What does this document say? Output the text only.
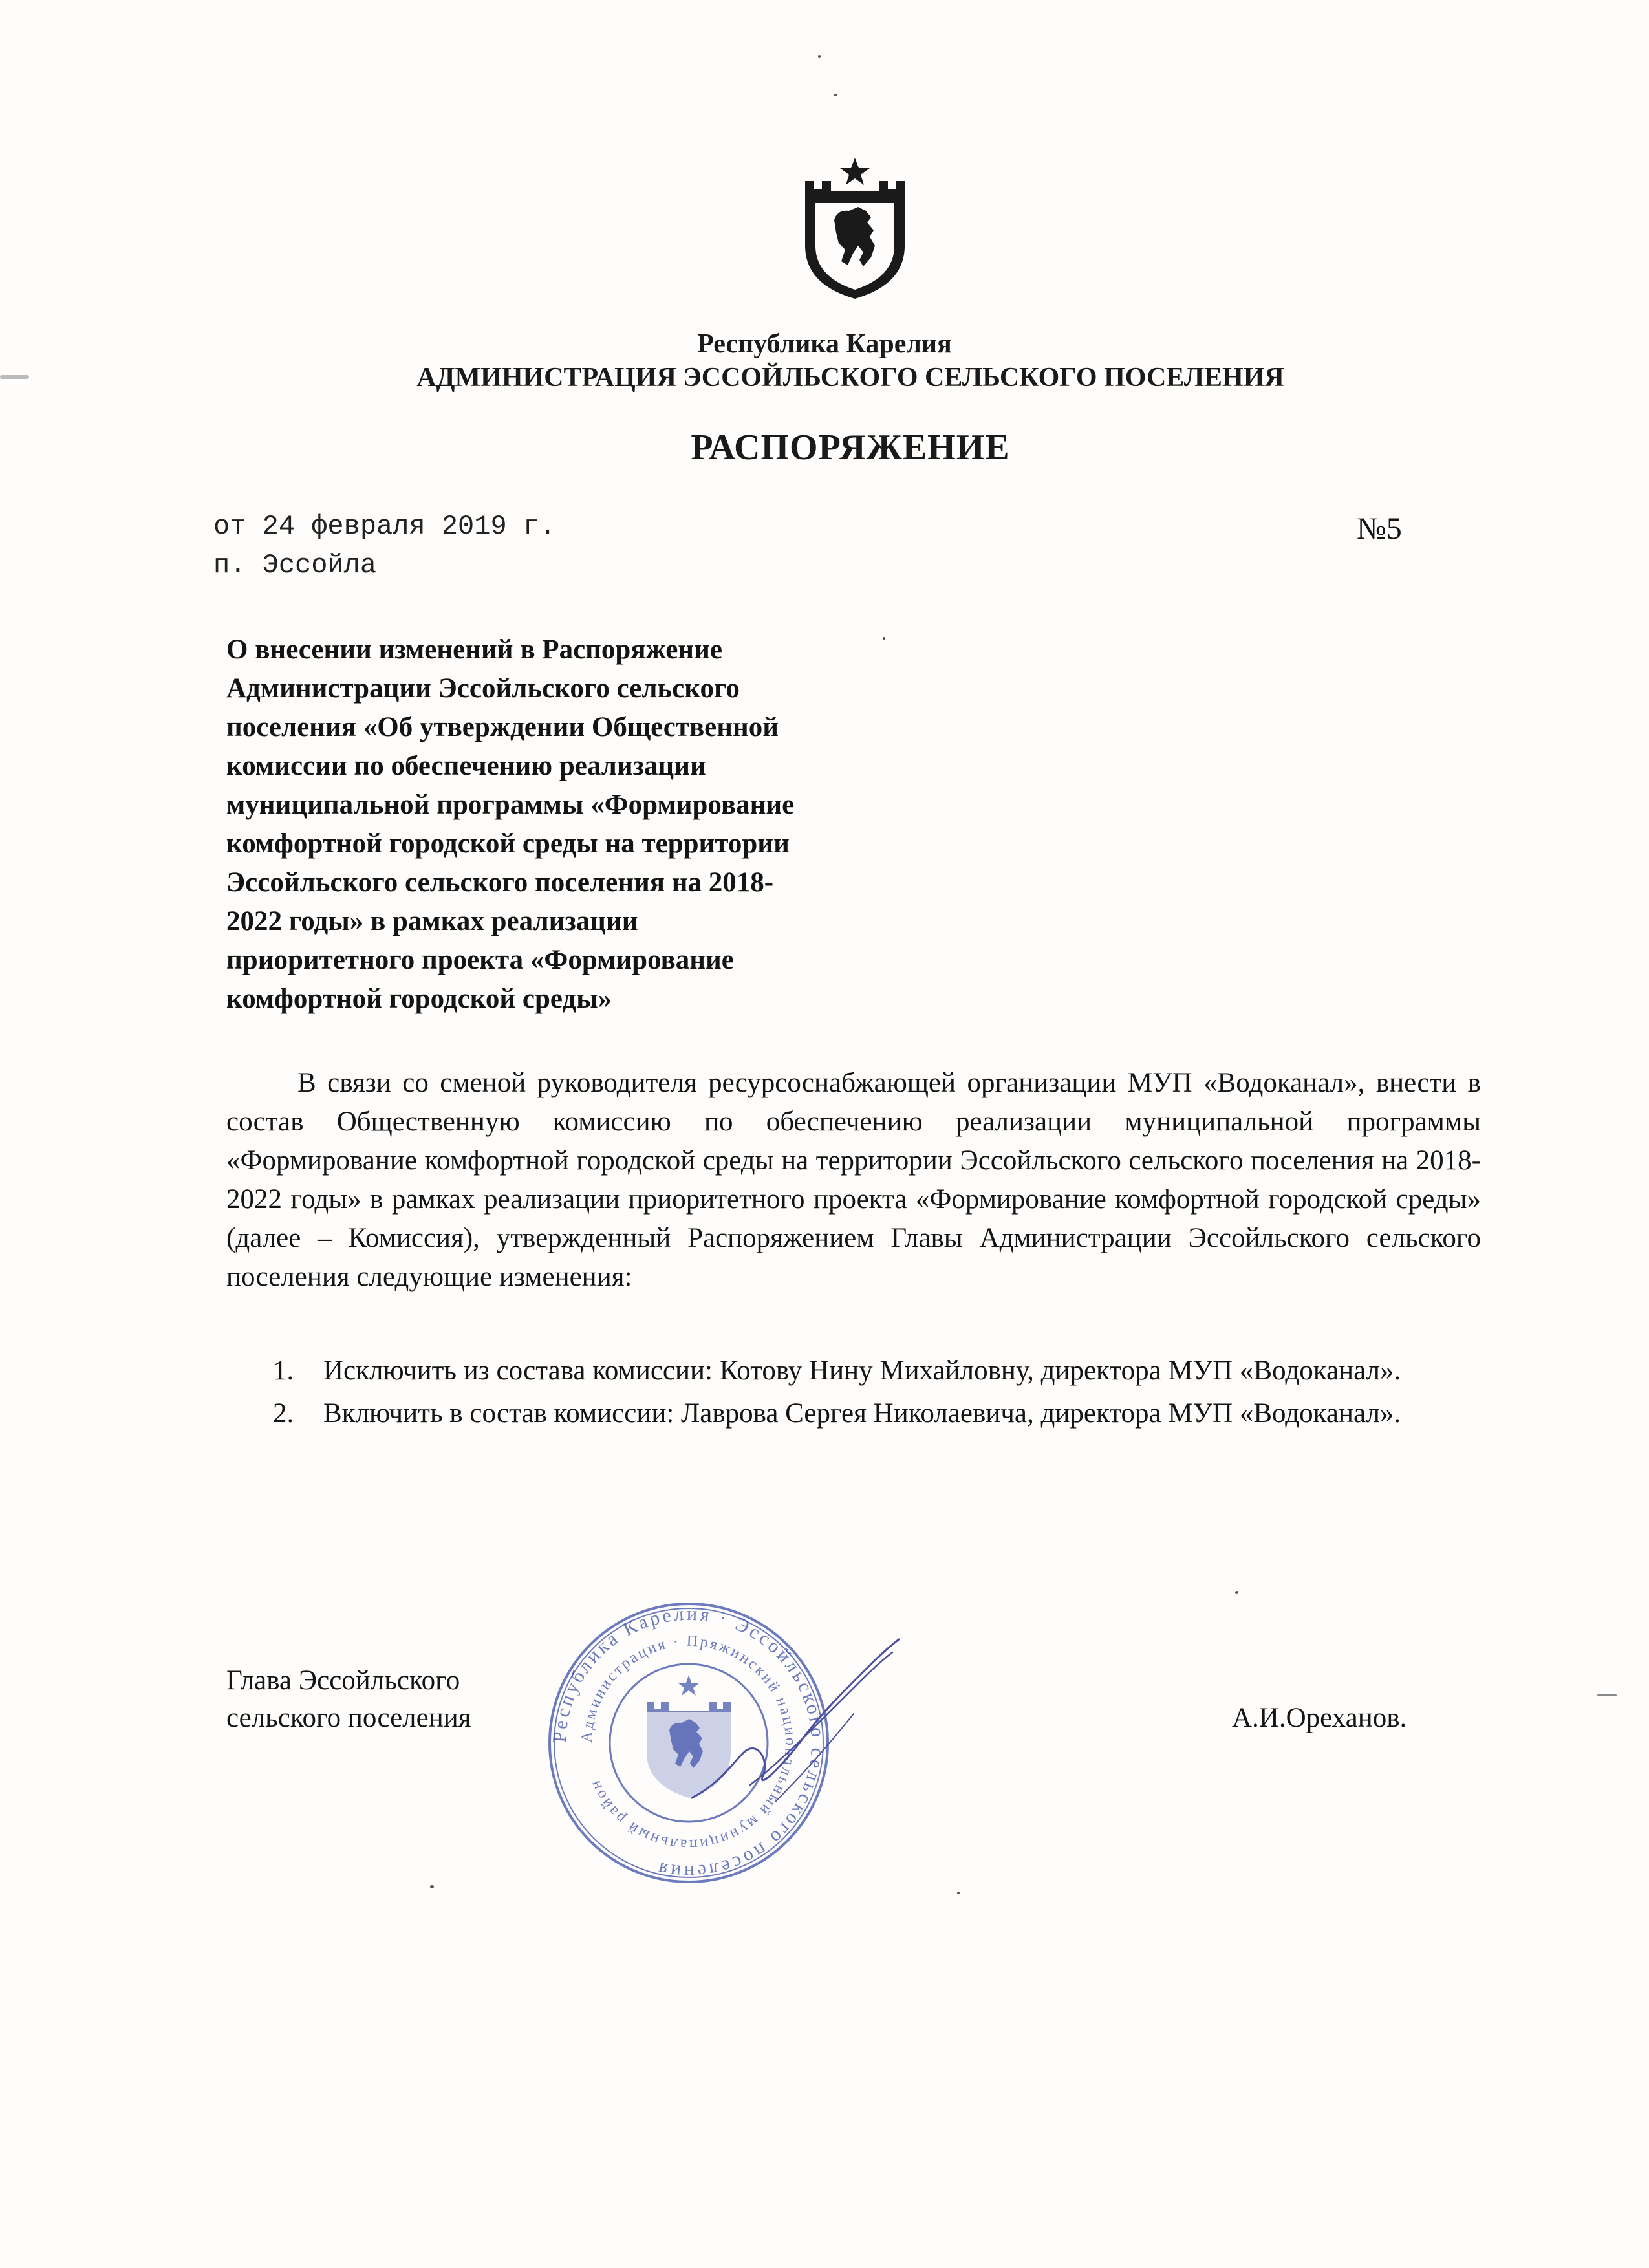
Республика Карелия
АДМИНИСТРАЦИЯ ЭССОЙЛЬСКОГО СЕЛЬСКОГО ПОСЕЛЕНИЯ
РАСПОРЯЖЕНИЕ
от 24 февраля 2019 г.
п. Эссойла
№5

О внесении изменений в Распоряжение
Администрации Эссойльского сельского
поселения «Об утверждении Общественной
комиссии по обеспечению реализации
муниципальной программы «Формирование
комфортной городской среды на территории
Эссойльского сельского поселения на 2018-
2022 годы» в рамках реализации
приоритетного проекта «Формирование
комфортной городской среды»

В связи со сменой руководителя ресурсоснабжающей организации МУП «Водоканал», внести в состав Общественную комиссию по обеспечению реализации муниципальной программы «Формирование комфортной городской среды на территории Эссойльского сельского поселения на 2018-2022 годы» в рамках реализации приоритетного проекта «Формирование комфортной городской среды» (далее – Комиссия), утвержденный Распоряжением Главы Администрации Эссойльского сельского поселения следующие изменения:

1. Исключить из состава комиссии: Котову Нину Михайловну, директора МУП «Водоканал».
2. Включить в состав комиссии: Лаврова Сергея Николаевича, директора МУП «Водоканал».
Глава Эссойльского
сельского поселения	А.И.Ореханов.
Республика Карелия · Эссойльского сельского поселения
Администрация · Пряжинский национальный муниципальный район
